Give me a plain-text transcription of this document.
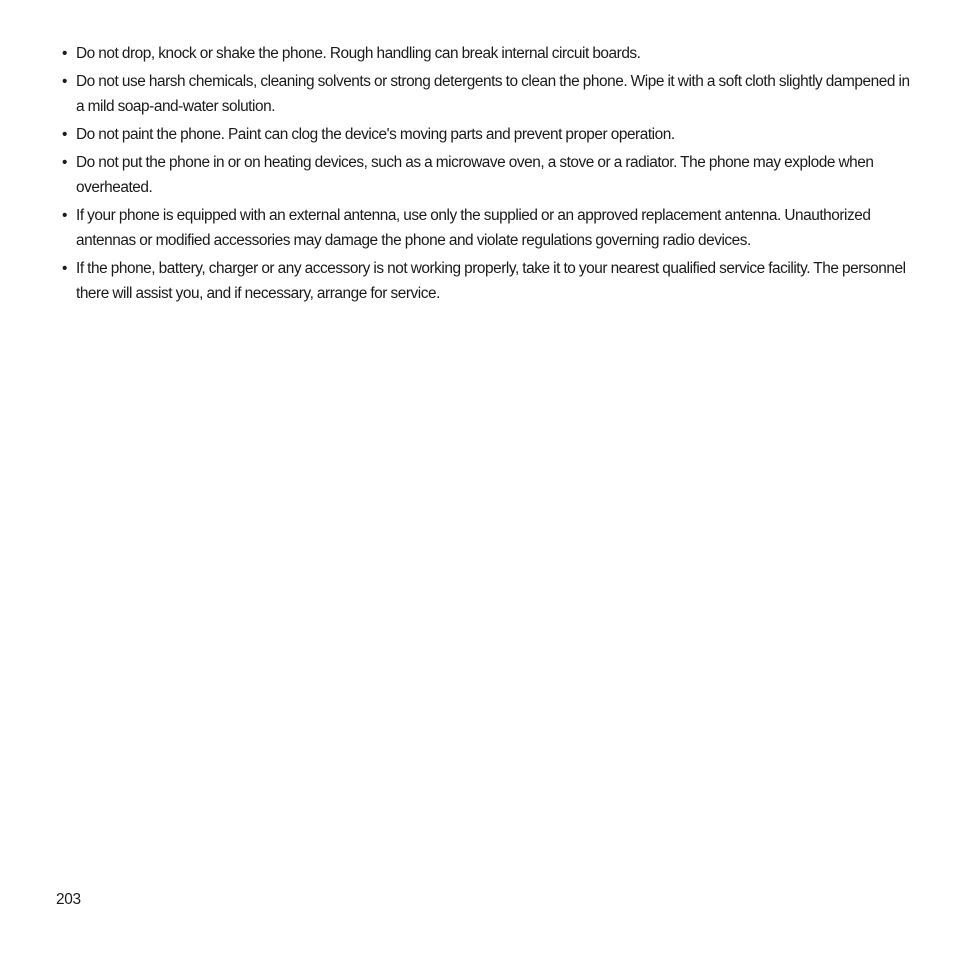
• Do not drop, knock or shake the phone. Rough handling can break internal circuit boards.
• Do not use harsh chemicals, cleaning solvents or strong detergents to clean the phone. Wipe it with a soft cloth slightly dampened in a mild soap-and-water solution.
• Do not paint the phone. Paint can clog the device's moving parts and prevent proper operation.
• Do not put the phone in or on heating devices, such as a microwave oven, a stove or a radiator. The phone may explode when overheated.
• If your phone is equipped with an external antenna, use only the supplied or an approved replacement antenna. Unauthorized antennas or modified accessories may damage the phone and violate regulations governing radio devices.
• If the phone, battery, charger or any accessory is not working properly, take it to your nearest qualified service facility. The personnel there will assist you, and if necessary, arrange for service.
203
